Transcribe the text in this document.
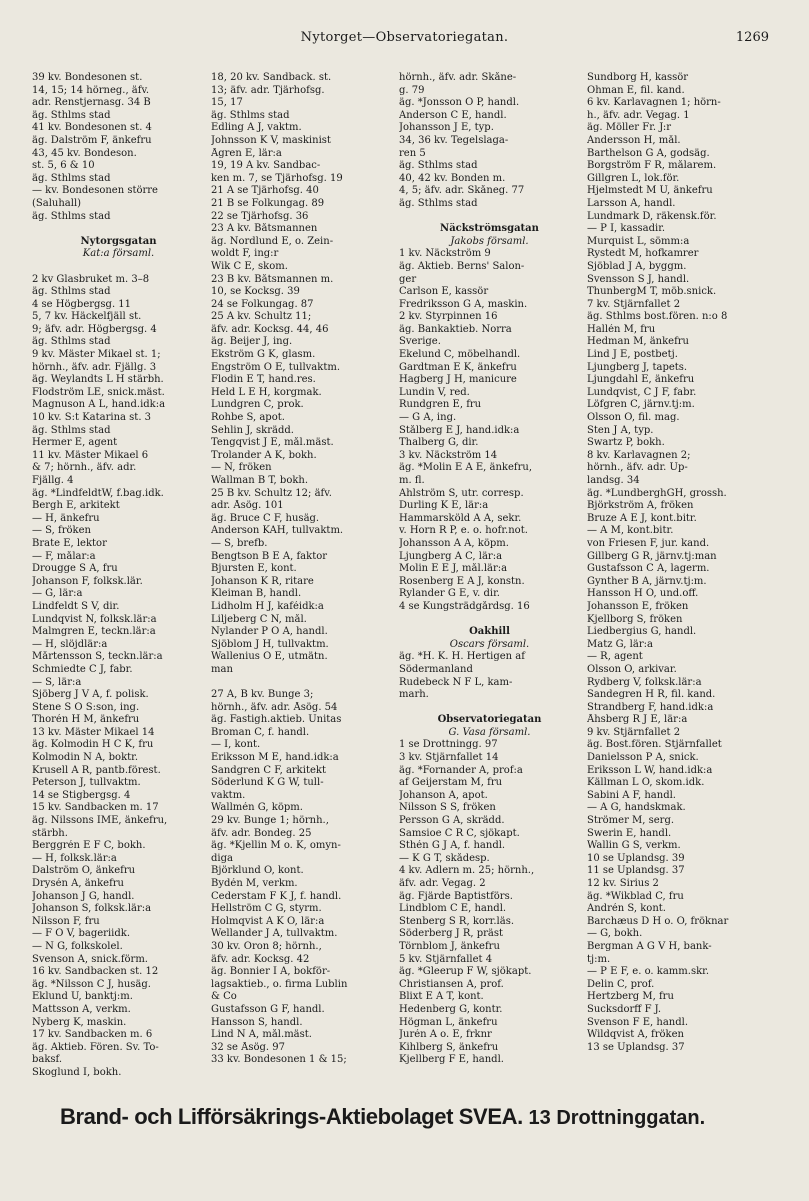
Nytorget—Observatoriegatan.	1269
39 kv. Bondesonen st.
14, 15; 14 hörneg., äfv.
adr. Renstjernasg. 34 B
äg. Sthlms stad
41 kv. Bondesonen st. 4
äg. Dalström F, änkefru
43, 45 kv. Bondeson.
st. 5, 6 & 10
äg. Sthlms stad
— kv. Bondesonen större
(Saluhall)
äg. Sthlms stad

Nytorgsgatan
Kat:a församl.

2 kv Glasbruket m. 3–8
äg. Sthlms stad
4 se Högbergsg. 11
5, 7 kv. Häckelfjäll st.
9; äfv. adr. Högbergsg. 4
äg. Sthlms stad
9 kv. Mäster Mikael st. 1;
hörnh., äfv. adr. Fjällg. 3
äg. Weylandts L H stärbh.
Flodström LE, snick.mäst.
Magnuson A L, hand.idk:a
10 kv. S:t Katarina st. 3
äg. Sthlms stad
Hermer E, agent
11 kv. Mäster Mikael 6
& 7; hörnh., äfv. adr.
Fjällg. 4
äg. *LindfeldtW, f.bag.idk.
Bergh E, arkitekt
— H, änkefru
— S, fröken
Brate E, lektor
— F, målar:a
Drougge S A, fru
Johanson F, folksk.lär.
— G, lär:a
Lindfeldt S V, dir.
Lundqvist N, folksk.lär:a
Malmgren E, teckn.lär:a
— H, slöjdlär:a
Mårtensson S, teckn.lär:a
Schmiedte C J, fabr.
— S, lär:a
Sjöberg J V A, f. polisk.
Stene S O S:son, ing.
Thorén H M, änkefru
13 kv. Mäster Mikael 14
äg. Kolmodin H C K, fru
Kolmodin N A, boktr.
Krusell A R, pantb.förest.
Peterson J, tullvaktm.
14 se Stigbergsg. 4
15 kv. Sandbacken m. 17
äg. Nilssons IME, änkefru,
stärbh.
Berggrén E F C, bokh.
— H, folksk.lär:a
Dalström O, änkefru
Drysén A, änkefru
Johanson J G, handl.
Johanson S, folksk.lär:a
Nilsson F, fru
— F O V, bageriidk.
— N G, folkskolel.
Svenson A, snick.förm.
16 kv. Sandbacken st. 12
äg. *Nilsson C J, husäg.
Eklund U, banktj:m.
Mattsson A, verkm.
Nyberg K, maskin.
17 kv. Sandbacken m. 6
äg. Aktieb. Fören. Sv. To-
baksf.
Skoglund I, bokh.
18, 20 kv. Sandback. st.
13; äfv. adr. Tjärhofsg.
15, 17
äg. Sthlms stad
Edling A J, vaktm.
Johnsson K V, maskinist
Ågren E, lär:a
19, 19 A kv. Sandbac-
ken m. 7, se Tjärhofsg. 19
21 A se Tjärhofsg. 40
21 B se Folkungag. 89
22 se Tjärhofsg. 36
23 A kv. Båtsmannen
äg. Nordlund E, o. Zein-
woldt F, ing:r
Wik C E, skom.
23 B kv. Båtsmannen m.
10, se Kocksg. 39
24 se Folkungag. 87
25 A kv. Schultz 11;
äfv. adr. Kocksg. 44, 46
äg. Beijer J, ing.
Ekström G K, glasm.
Engström O E, tullvaktm.
Flodin E T, hand.res.
Held L E H, korgmak.
Lundgren C, prok.
Rohbe S, apot.
Sehlin J, skrädd.
Tengqvist J E, mål.mäst.
Trolander A K, bokh.
— N, fröken
Wallman B T, bokh.
25 B kv. Schultz 12; äfv.
adr. Åsög. 101
äg. Bruce C F, husäg.
Anderson KAH, tullvaktm.
— S, brefb.
Bengtson B E A, faktor
Bjursten E, kont.
Johanson K R, ritare
Kleiman B, handl.
Lidholm H J, kaféidk:a
Liljeberg C N, mål.
Nylander P O A, handl.
Sjöblom J H, tullvaktm.
Wallenius O E, utmätn.
man

27 A, B kv. Bunge 3;
hörnh., äfv. adr. Åsög. 54
äg. Fastigh.aktieb. Unitas
Broman C, f. handl.
— I, kont.
Eriksson M E, hand.idk:a
Sandgren C F, arkitekt
Söderlund K G W, tull-
vaktm.
Wallmén G, köpm.
29 kv. Bunge 1; hörnh.,
äfv. adr. Bondeg. 25
äg. *Kjellin M o. K, omyn-
diga
Björklund O, kont.
Bydén M, verkm.
Cederstam F K J, f. handl.
Hellström C G, styrm.
Holmqvist A K O, lär:a
Wellander J A, tullvaktm.
30 kv. Oron 8; hörnh.,
äfv. adr. Kocksg. 42
äg. Bonnier I A, bokför-
lagsaktieb., o. firma Lublin
& Co
Gustafsson G F, handl.
Hansson S, handl.
Lind N A, mål.mäst.
32 se Åsög. 97
33 kv. Bondesonen 1 & 15;
hörnh., äfv. adr. Skåne-
g. 79
äg. *Jonsson O P, handl.
Anderson C E, handl.
Johansson J E, typ.
34, 36 kv. Tegelslaga-
ren 5
äg. Sthlms stad
40, 42 kv. Bonden m.
4, 5; äfv. adr. Skåneg. 77
äg. Sthlms stad

Näckströmsgatan
Jakobs församl.
1 kv. Näckström 9
äg. Aktieb. Berns' Salon-
ger
Carlson E, kassör
Fredriksson G A, maskin.
2 kv. Styrpinnen 16
äg. Bankaktieb. Norra
Sverige.
Ekelund C, möbelhandl.
Gardtman E K, änkefru
Hagberg J H, manicure
Lundin V, red.
Rundgren E, fru
— G A, ing.
Stålberg E J, hand.idk:a
Thalberg G, dir.
3 kv. Näckström 14
äg. *Molin E A E, änkefru,
m. fl.
Ahlström S, utr. corresp.
Durling K E, lär:a
Hammarsköld A A, sekr.
v. Horn R P, e. o. hofr.not.
Johansson A A, köpm.
Ljungberg A C, lär:a
Molin E E J, mål.lär:a
Rosenberg E A J, konstn.
Rylander G E, v. dir.
4 se Kungsträdgårdsg. 16

Oakhill
Oscars församl.
äg. *H. K. H. Hertigen af
Södermanland
Rudebeck N F L, kam-
marh.

Observatoriegatan
G. Vasa församl.
1 se Drottningg. 97
3 kv. Stjärnfallet 14
äg. *Fornander A, prof:a
af Geijerstam M, fru
Johanson A, apot.
Nilsson S S, fröken
Persson G A, skrädd.
Samsioe C R C, sjökapt.
Sthén G J A, f. handl.
— K G T, skådesp.
4 kv. Adlern m. 25; hörnh.,
äfv. adr. Vegag. 2
äg. Fjärde Baptistförs.
Lindblom C E, handl.
Stenberg S R, korr.läs.
Söderberg J R, präst
Törnblom J, änkefru
5 kv. Stjärnfallet 4
äg. *Gleerup F W, sjökapt.
Christiansen A, prof.
Blixt E A T, kont.
Hedenberg G, kontr.
Högman L, änkefru
Jurén A o. E, frknr
Kihlberg S, änkefru
Kjellberg F E, handl.
Sundborg H, kassör
Öhman E, fil. kand.
6 kv. Karlavagnen 1; hörn-
h., äfv. adr. Vegag. 1
äg. Möller Fr. J:r
Andersson H, mål.
Barthelson G A, godsäg.
Borgström F R, målarem.
Gillgren L, lok.för.
Hjelmstedt M U, änkefru
Larsson A, handl.
Lundmark D, räkensk.för.
— P I, kassadir.
Murquist L, sömm:a
Rystedt M, hofkamrer
Sjöblad J A, byggm.
Svensson S J, handl.
ThunbergM T, möb.snick.
7 kv. Stjärnfallet 2
äg. Sthlms bost.fören. n:o 8
Hallén M, fru
Hedman M, änkefru
Lind J E, postbetj.
Ljungberg J, tapets.
Ljungdahl E, änkefru
Lundqvist, C J F, fabr.
Löfgren C, järnv.tj:m.
Olsson O, fil. mag.
Sten J A, typ.
Swartz P, bokh.
8 kv. Karlavagnen 2;
hörnh., äfv. adr. Up-
landsg. 34
äg. *LundberghGH, grossh.
Björkström A, fröken
Bruze A E J, kont.bitr.
— A M, kont.bitr.
von Friesen F, jur. kand.
Gillberg G R, järnv.tj:man
Gustafsson C A, lagerm.
Gynther B A, järnv.tj:m.
Hansson H O, und.off.
Johansson E, fröken
Kjellborg S, fröken
Liedbergius G, handl.
Matz G, lär:a
— R, agent
Olsson O, arkivar.
Rydberg V, folksk.lär:a
Sandegren H R, fil. kand.
Strandberg F, hand.idk:a
Åhsberg R J E, lär:a
9 kv. Stjärnfallet 2
äg. Bost.fören. Stjärnfallet
Danielsson P A, snick.
Eriksson L W, hand.idk:a
Källman L O, skom.idk.
Sabini A F, handl.
— A G, handskmak.
Strömer M, serg.
Swerin E, handl.
Wallin G S, verkm.
10 se Uplandsg. 39
11 se Uplandsg. 37
12 kv. Sirius 2
äg. *Wikblad C, fru
Andrén S, kont.
Barchæus D H o. O, fröknar
— G, bokh.
Bergman A G V H, bank-
tj:m.
— P E F, e. o. kamm.skr.
Delin C, prof.
Hertzberg M, fru
Sucksdorff F J.
Svenson F E, handl.
Wildqvist A, fröken
13 se Uplandsg. 37
Brand- och Lifförsäkrings-Aktiebolaget SVEA. 13 Drottninggatan.
